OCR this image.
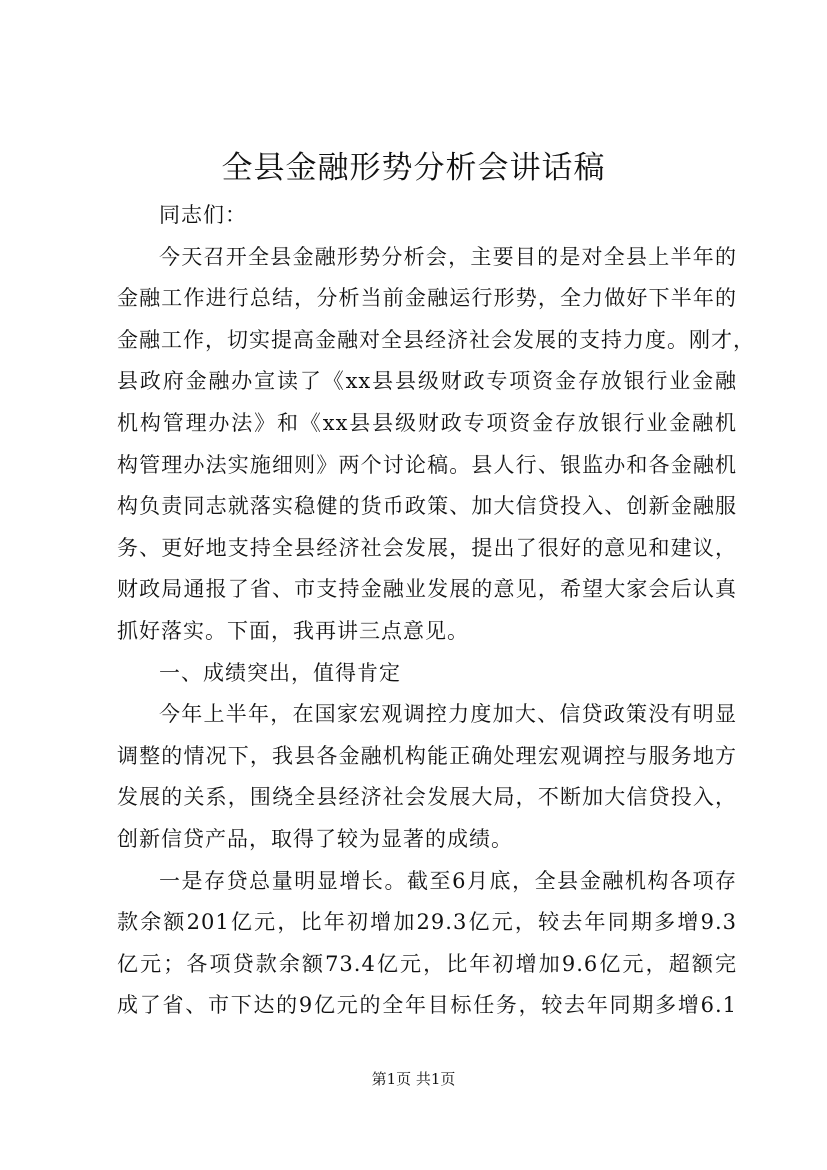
全县金融形势分析会讲话稿
同志们：
今天召开全县金融形势分析会，主要目的是对全县上半年的
金融工作进行总结，分析当前金融运行形势，全力做好下半年的
金融工作，切实提高金融对全县经济社会发展的支持力度。刚才，
县政府金融办宣读了《xx县县级财政专项资金存放银行业金融
机构管理办法》和《xx县县级财政专项资金存放银行业金融机
构管理办法实施细则》两个讨论稿。县人行、银监办和各金融机
构负责同志就落实稳健的货币政策、加大信贷投入、创新金融服
务、更好地支持全县经济社会发展，提出了很好的意见和建议，
财政局通报了省、市支持金融业发展的意见，希望大家会后认真
抓好落实。下面，我再讲三点意见。
一、成绩突出，值得肯定
今年上半年，在国家宏观调控力度加大、信贷政策没有明显
调整的情况下，我县各金融机构能正确处理宏观调控与服务地方
发展的关系，围绕全县经济社会发展大局，不断加大信贷投入，
创新信贷产品，取得了较为显著的成绩。
一是存贷总量明显增长。截至6月底，全县金融机构各项存
款余额201亿元，比年初增加29.3亿元，较去年同期多增9.3
亿元；各项贷款余额73.4亿元，比年初增加9.6亿元，超额完
成了省、市下达的9亿元的全年目标任务，较去年同期多增6.1
第1页 共1页
